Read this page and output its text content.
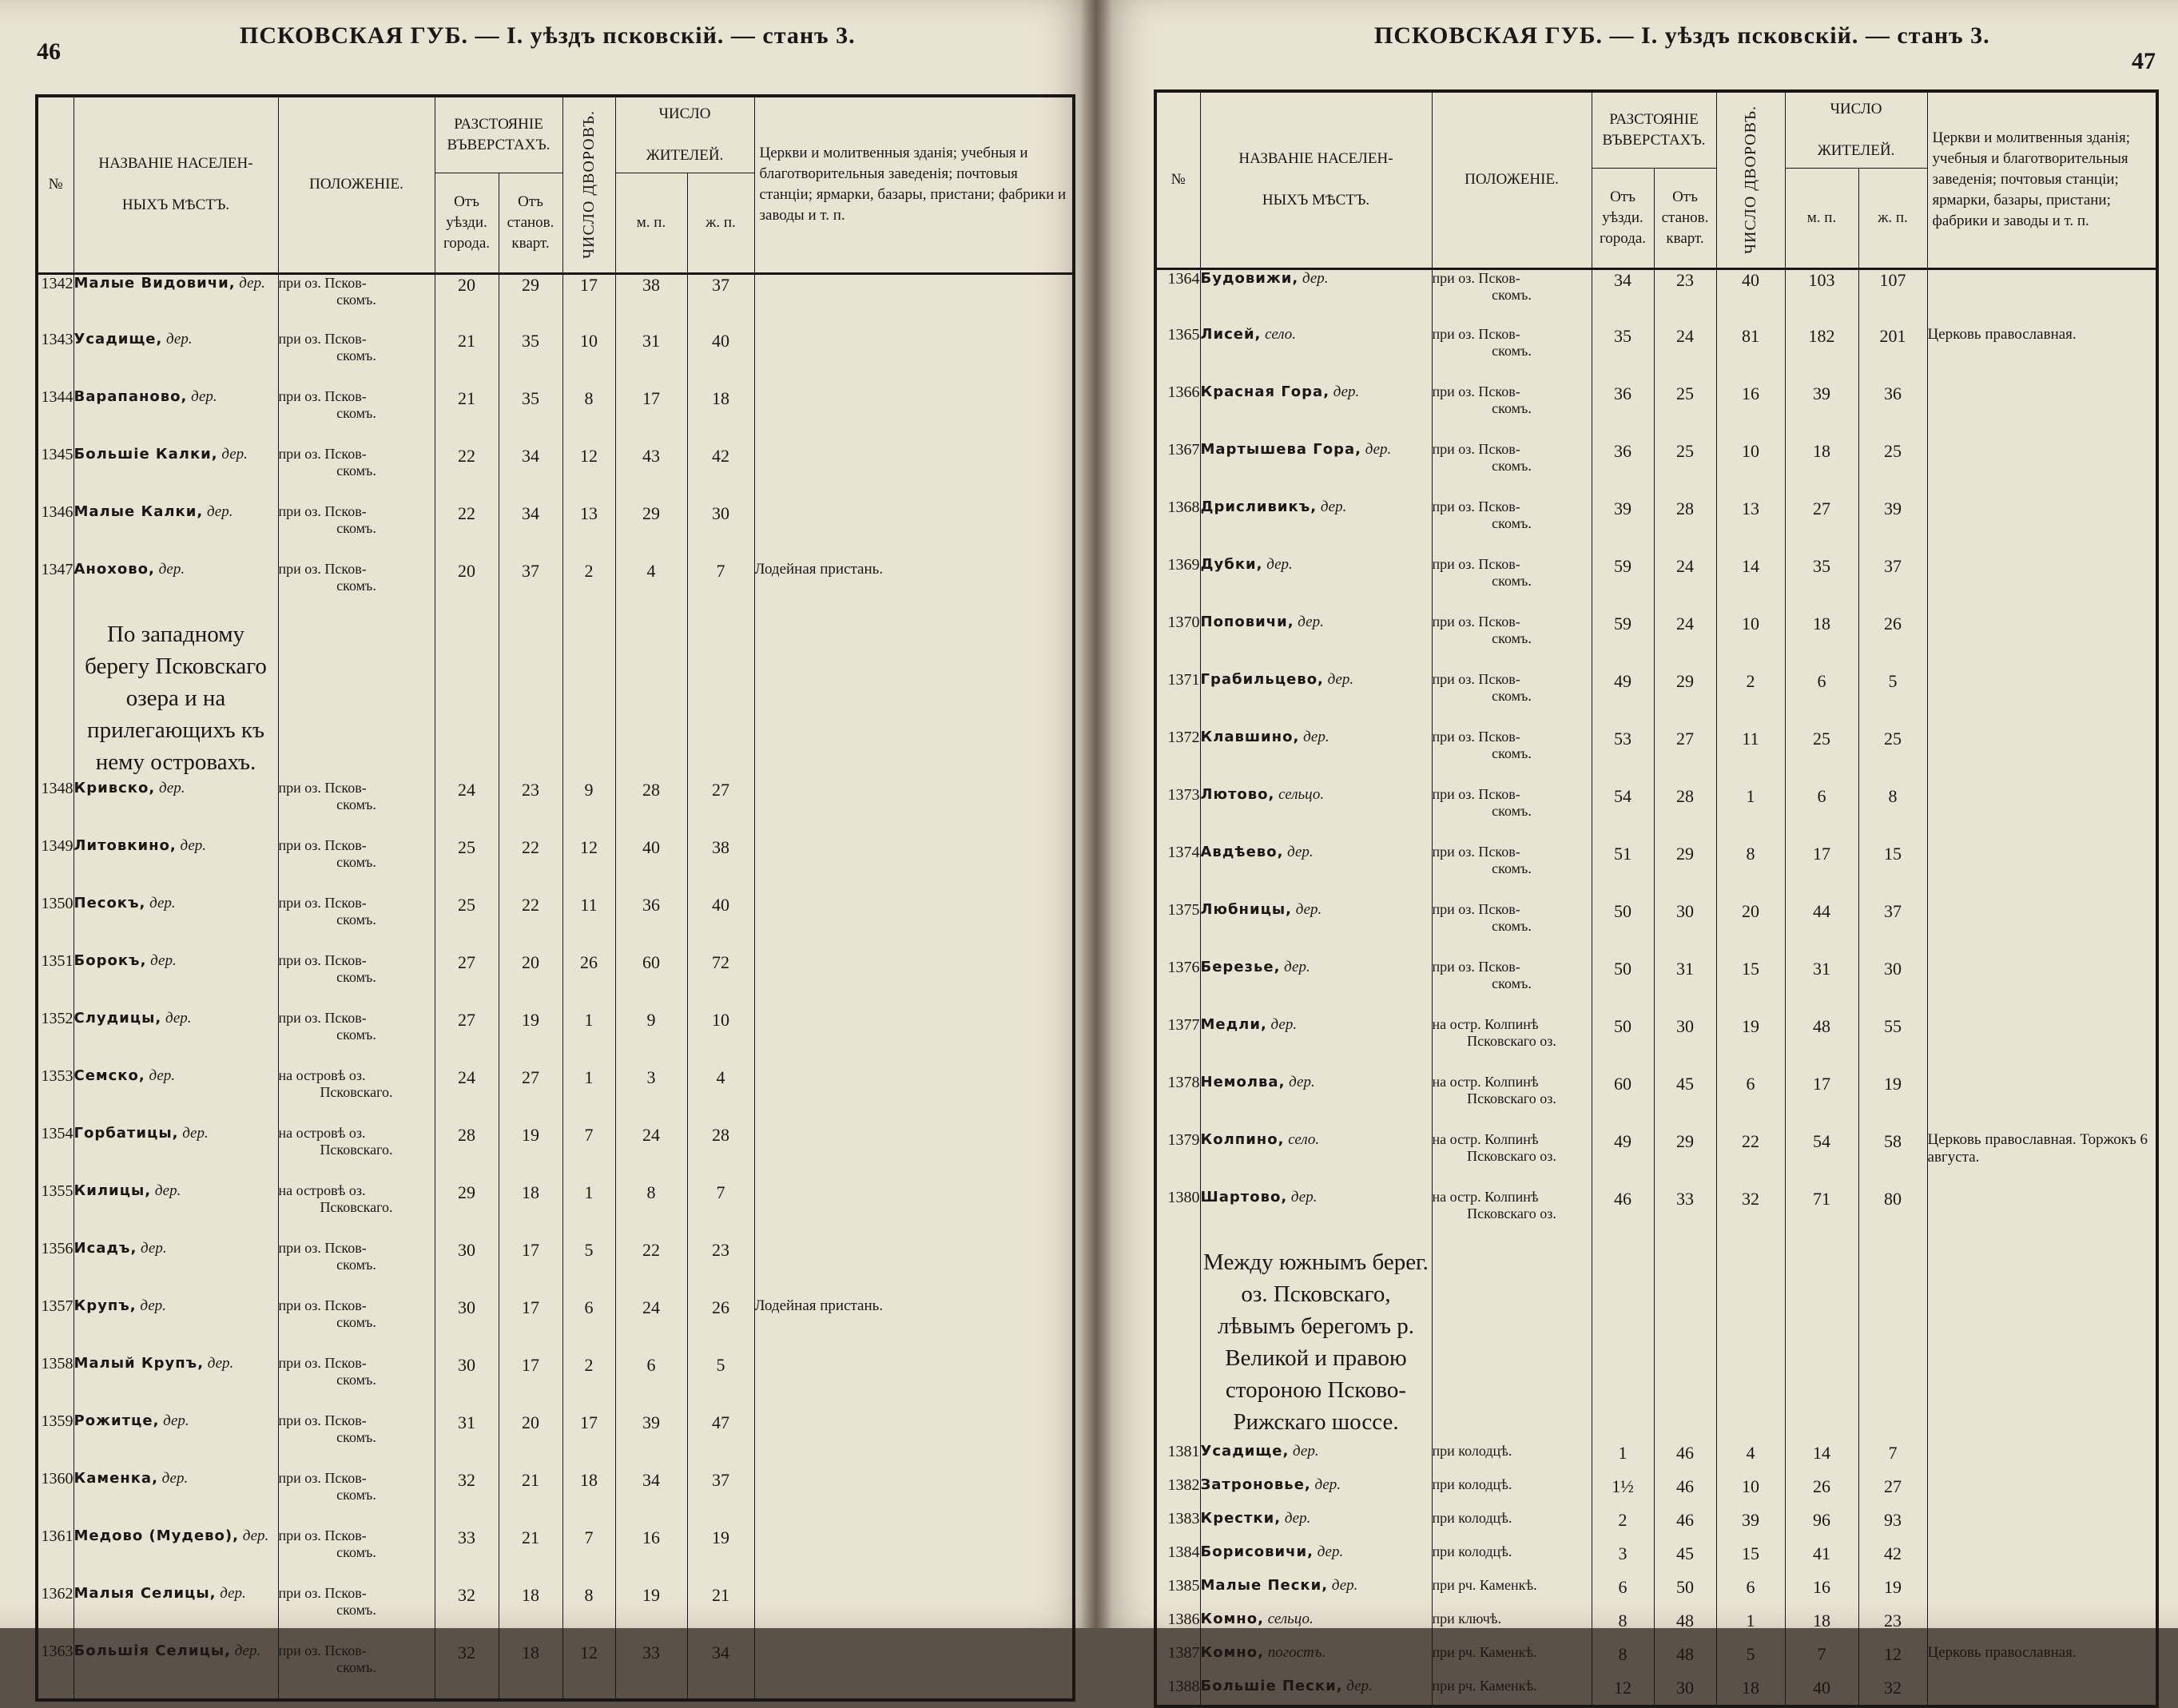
46
ПСКОВСКАЯ ГУБ. — I. уѣздъ псковскій. — станъ 3.
№	НАЗВАНІЕ НАСЕЛЕН-

НЫХЪ МѢСТЪ.	ПОЛОЖЕНІЕ.	РАЗСТОЯНІЕ
ВЪВЕРСТАХЪ.		ЧИСЛО ДВОРОВЪ.	ЧИСЛО

ЖИТЕЛЕЙ.		Церкви и молитвенныя зданія; учебныя и благотворительныя заведенія; почтовыя станціи; ярмарки, базары, пристани; фабрики и заводы и т. п.
			Отъ
уѣзди.
города.	Отъ
станов.
кварт.		м. п.	ж. п.	
1342	Малые Видовичи, дер.	при оз. Псков-
скомъ.	20	29	17	38	37	
1343	Усадище, дер.	при оз. Псков-
скомъ.	21	35	10	31	40	
1344	Варапаново, дер.	при оз. Псков-
скомъ.	21	35	8	17	18	
1345	Большіе Калки, дер.	при оз. Псков-
скомъ.	22	34	12	43	42	
1346	Малые Калки, дер.	при оз. Псков-
скомъ.	22	34	13	29	30	
1347	Анохово, дер.	при оз. Псков-
скомъ.	20	37	2	4	7	Лодейная пристань.
	По западному берегу Псковскаго озера и на прилегающихъ къ нему островахъ.							
1348	Кривско, дер.	при оз. Псков-
скомъ.	24	23	9	28	27	
1349	Литовкино, дер.	при оз. Псков-
скомъ.	25	22	12	40	38	
1350	Песокъ, дер.	при оз. Псков-
скомъ.	25	22	11	36	40	
1351	Борокъ, дер.	при оз. Псков-
скомъ.	27	20	26	60	72	
1352	Слудицы, дер.	при оз. Псков-
скомъ.	27	19	1	9	10	
1353	Семско, дер.	на островѣ оз.
Псковскаго.	24	27	1	3	4	
1354	Горбатицы, дер.	на островѣ оз.
Псковскаго.	28	19	7	24	28	
1355	Килицы, дер.	на островѣ оз.
Псковскаго.	29	18	1	8	7	
1356	Исадъ, дер.	при оз. Псков-
скомъ.	30	17	5	22	23	
1357	Крупъ, дер.	при оз. Псков-
скомъ.	30	17	6	24	26	Лодейная пристань.
1358	Малый Крупъ, дер.	при оз. Псков-
скомъ.	30	17	2	6	5	
1359	Рожитце, дер.	при оз. Псков-
скомъ.	31	20	17	39	47	
1360	Каменка, дер.	при оз. Псков-
скомъ.	32	21	18	34	37	
1361	Медово (Мудево), дер.	при оз. Псков-
скомъ.	33	21	7	16	19	
1362	Малыя Селицы, дер.	при оз. Псков-
скомъ.	32	18	8	19	21	
1363	Большія Селицы, дер.	при оз. Псков-
скомъ.	32	18	12	33	34	
ПСКОВСКАЯ ГУБ. — I. уѣздъ псковскій. — станъ 3.
47
№	НАЗВАНІЕ НАСЕЛЕН-

НЫХЪ МѢСТЪ.	ПОЛОЖЕНІЕ.	РАЗСТОЯНІЕ
ВЪВЕРСТАХЪ.		ЧИСЛО ДВОРОВЪ.	ЧИСЛО

ЖИТЕЛЕЙ.		Церкви и молитвенныя зданія; учебныя и благотворительныя заведенія; почтовыя станціи; ярмарки, базары, пристани; фабрики и заводы и т. п.
			Отъ
уѣзди.
города.	Отъ
станов.
кварт.		м. п.	ж. п.	
1364	Будовижи, дер.	при оз. Псков-
скомъ.	34	23	40	103	107	
1365	Лисей, село.	при оз. Псков-
скомъ.	35	24	81	182	201	Церковь православная.
1366	Красная Гора, дер.	при оз. Псков-
скомъ.	36	25	16	39	36	
1367	Мартышева Гора, дер.	при оз. Псков-
скомъ.	36	25	10	18	25	
1368	Дрисливикъ, дер.	при оз. Псков-
скомъ.	39	28	13	27	39	
1369	Дубки, дер.	при оз. Псков-
скомъ.	59	24	14	35	37	
1370	Поповичи, дер.	при оз. Псков-
скомъ.	59	24	10	18	26	
1371	Грабильцево, дер.	при оз. Псков-
скомъ.	49	29	2	6	5	
1372	Клавшино, дер.	при оз. Псков-
скомъ.	53	27	11	25	25	
1373	Лютово, сельцо.	при оз. Псков-
скомъ.	54	28	1	6	8	
1374	Авдѣево, дер.	при оз. Псков-
скомъ.	51	29	8	17	15	
1375	Любницы, дер.	при оз. Псков-
скомъ.	50	30	20	44	37	
1376	Березье, дер.	при оз. Псков-
скомъ.	50	31	15	31	30	
1377	Медли, дер.	на остр. Колпинѣ
Псковскаго оз.	50	30	19	48	55	
1378	Немолва, дер.	на остр. Колпинѣ
Псковскаго оз.	60	45	6	17	19	
1379	Колпино, село.	на остр. Колпинѣ
Псковскаго оз.	49	29	22	54	58	Церковь православная. Торжокъ 6 августа.
1380	Шартово, дер.	на остр. Колпинѣ
Псковскаго оз.	46	33	32	71	80	
	Между южнымъ берег. оз. Псковскаго, лѣвымъ берегомъ р. Великой и правою стороною Псково-Рижскаго шоссе.							
1381	Усадище, дер.	при колодцѣ.	1	46	4	14	7	
1382	Затроновье, дер.	при колодцѣ.	1½	46	10	26	27	
1383	Крестки, дер.	при колодцѣ.	2	46	39	96	93	
1384	Борисовичи, дер.	при колодцѣ.	3	45	15	41	42	
1385	Малые Пески, дер.	при рч. Каменкѣ.	6	50	6	16	19	
1386	Комно, сельцо.	при ключѣ.	8	48	1	18	23	
1387	Комно, погостъ.	при рч. Каменкѣ.	8	48	5	7	12	Церковь православная.
1388	Большіе Пески, дер.	при рч. Каменкѣ.	12	30	18	40	32	
